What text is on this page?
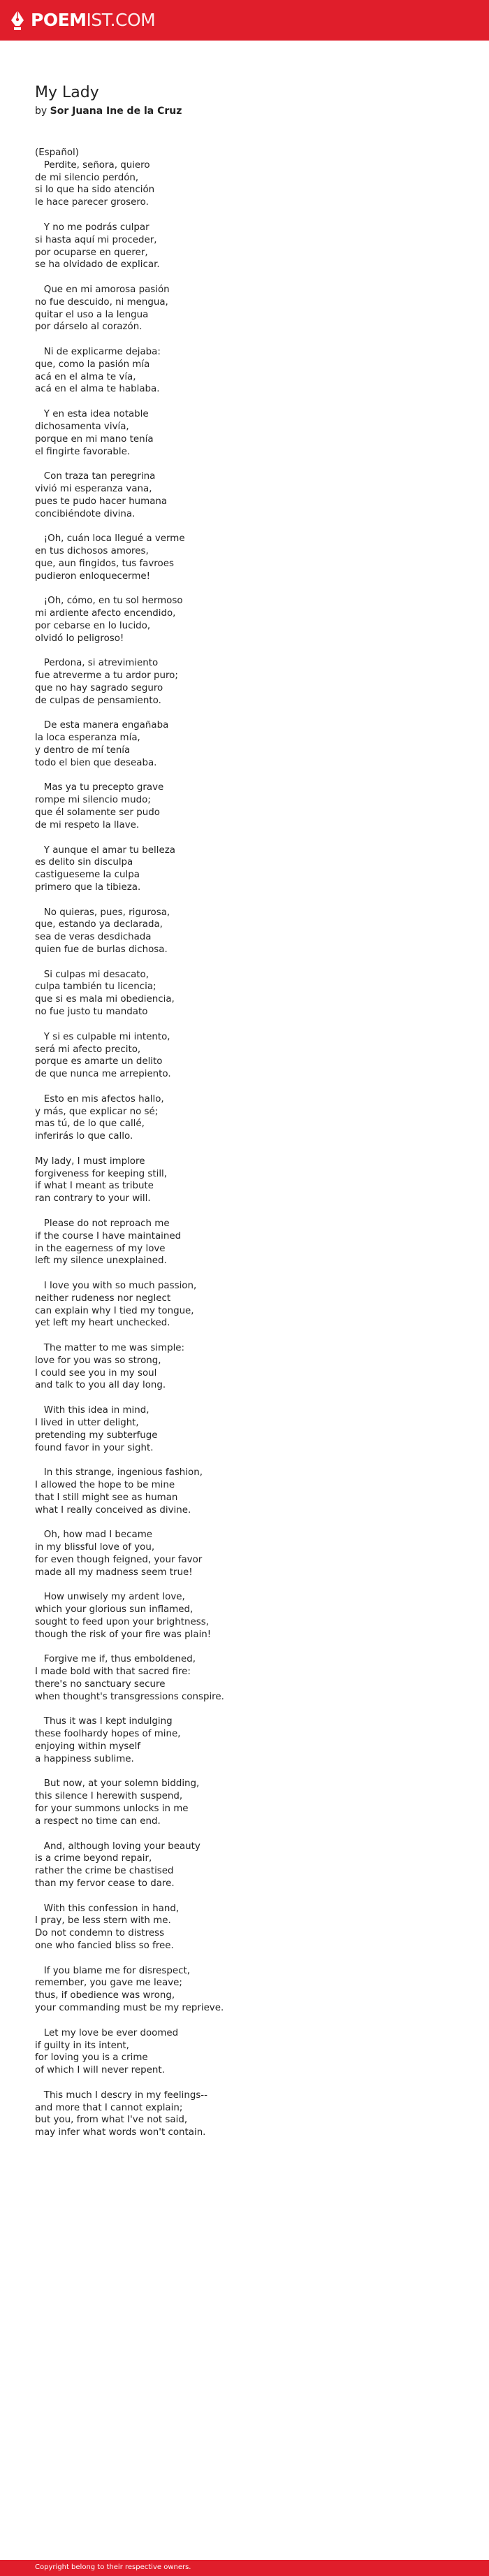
POEMIST.COM
My Lady
by Sor Juana Ine de la Cruz
(Español)
Perdite, señora, quiero
de mi silencio perdón,
si lo que ha sido atención
le hace parecer grosero.

Y no me podrás culpar
si hasta aquí mi proceder,
por ocuparse en querer,
se ha olvidado de explicar.

Que en mi amorosa pasión
no fue descuido, ni mengua,
quitar el uso a la lengua
por dárselo al corazón.

Ni de explicarme dejaba:
que, como la pasión mía
acá en el alma te vía,
acá en el alma te hablaba.

Y en esta idea notable
dichosamenta vivía,
porque en mi mano tenía
el fingirte favorable.

Con traza tan peregrina
vivió mi esperanza vana,
pues te pudo hacer humana
concibiéndote divina.

¡Oh, cuán loca llegué a verme
en tus dichosos amores,
que, aun fingidos, tus favroes
pudieron enloquecerme!

¡Oh, cómo, en tu sol hermoso
mi ardiente afecto encendido,
por cebarse en lo lucido,
olvidó lo peligroso!

Perdona, si atrevimiento
fue atreverme a tu ardor puro;
que no hay sagrado seguro
de culpas de pensamiento.

De esta manera engañaba
la loca esperanza mía,
y dentro de mí tenía
todo el bien que deseaba.

Mas ya tu precepto grave
rompe mi silencio mudo;
que él solamente ser pudo
de mi respeto la llave.

Y aunque el amar tu belleza
es delito sin disculpa
castigueseme la culpa
primero que la tibieza.

No quieras, pues, rigurosa,
que, estando ya declarada,
sea de veras desdichada
quien fue de burlas dichosa.

Si culpas mi desacato,
culpa también tu licencia;
que si es mala mi obediencia,
no fue justo tu mandato

Y si es culpable mi intento,
será mi afecto precito,
porque es amarte un delito
de que nunca me arrepiento.

Esto en mis afectos hallo,
y más, que explicar no sé;
mas tú, de lo que callé,
inferirás lo que callo.

My lady, I must implore
forgiveness for keeping still,
if what I meant as tribute
ran contrary to your will.

Please do not reproach me
if the course I have maintained
in the eagerness of my love
left my silence unexplained.

I love you with so much passion,
neither rudeness nor neglect
can explain why I tied my tongue,
yet left my heart unchecked.

The matter to me was simple:
love for you was so strong,
I could see you in my soul
and talk to you all day long.

With this idea in mind,
I lived in utter delight,
pretending my subterfuge
found favor in your sight.

In this strange, ingenious fashion,
I allowed the hope to be mine
that I still might see as human
what I really conceived as divine.

Oh, how mad I became
in my blissful love of you,
for even though feigned, your favor
made all my madness seem true!

How unwisely my ardent love,
which your glorious sun inflamed,
sought to feed upon your brightness,
though the risk of your fire was plain!

Forgive me if, thus emboldened,
I made bold with that sacred fire:
there's no sanctuary secure
when thought's transgressions conspire.

Thus it was I kept indulging
these foolhardy hopes of mine,
enjoying within myself
a happiness sublime.

But now, at your solemn bidding,
this silence I herewith suspend,
for your summons unlocks in me
a respect no time can end.

And, although loving your beauty
is a crime beyond repair,
rather the crime be chastised
than my fervor cease to dare.

With this confession in hand,
I pray, be less stern with me.
Do not condemn to distress
one who fancied bliss so free.

If you blame me for disrespect,
remember, you gave me leave;
thus, if obedience was wrong,
your commanding must be my reprieve.

Let my love be ever doomed
if guilty in its intent,
for loving you is a crime
of which I will never repent.

This much I descry in my feelings--
and more that I cannot explain;
but you, from what I've not said,
may infer what words won't contain.
Copyright belong to their respective owners.
